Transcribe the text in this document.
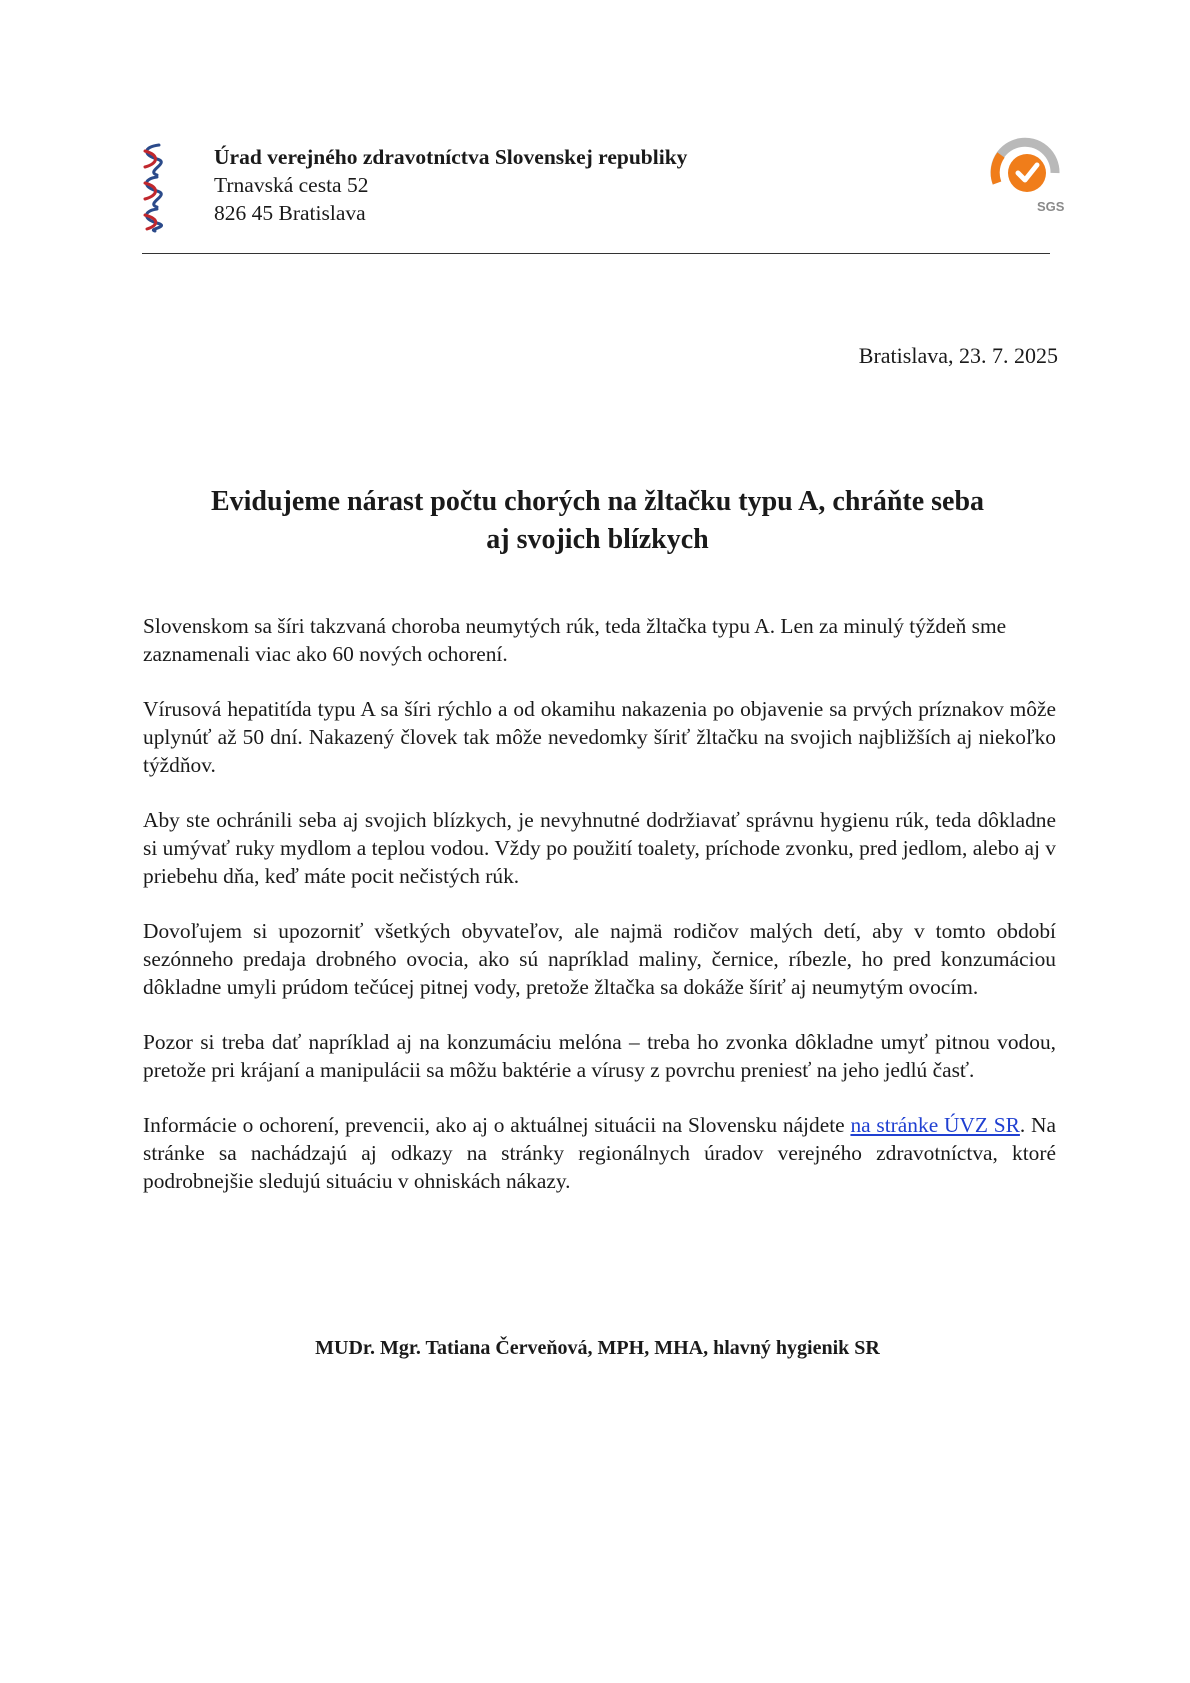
Úrad verejného zdravotníctva Slovenskej republiky
Trnavská cesta 52
826 45 Bratislava	SGS
Bratislava, 23. 7. 2025
Evidujeme nárast počtu chorých na žltačku typu A, chráňte seba
aj svojich blízkych

Slovenskom sa šíri takzvaná choroba neumytých rúk, teda žltačka typu A. Len za minulý týždeň sme zaznamenali viac ako 60 nových ochorení.

Vírusová hepatitída typu A sa šíri rýchlo a od okamihu nakazenia po objavenie sa prvých príznakov môže uplynúť až 50 dní. Nakazený človek tak môže nevedomky šíriť žltačku na svojich najbližších aj niekoľko týždňov.

Aby ste ochránili seba aj svojich blízkych, je nevyhnutné dodržiavať správnu hygienu rúk, teda dôkladne si umývať ruky mydlom a teplou vodou. Vždy po použití toalety, príchode zvonku, pred jedlom, alebo aj v priebehu dňa, keď máte pocit nečistých rúk.

Dovoľujem si upozorniť všetkých obyvateľov, ale najmä rodičov malých detí, aby v tomto období sezónneho predaja drobného ovocia, ako sú napríklad maliny, černice, ríbezle, ho pred konzumáciou dôkladne umyli prúdom tečúcej pitnej vody, pretože žltačka sa dokáže šíriť aj neumytým ovocím.

Pozor si treba dať napríklad aj na konzumáciu melóna – treba ho zvonka dôkladne umyť pitnou vodou, pretože pri krájaní a manipulácii sa môžu baktérie a vírusy z povrchu preniesť na jeho jedlú časť.

Informácie o ochorení, prevencii, ako aj o aktuálnej situácii na Slovensku nájdete na stránke ÚVZ SR. Na stránke sa nachádzajú aj odkazy na stránky regionálnych úradov verejného zdravotníctva, ktoré podrobnejšie sledujú situáciu v ohniskách nákazy.

MUDr. Mgr. Tatiana Červeňová, MPH, MHA, hlavný hygienik SR
